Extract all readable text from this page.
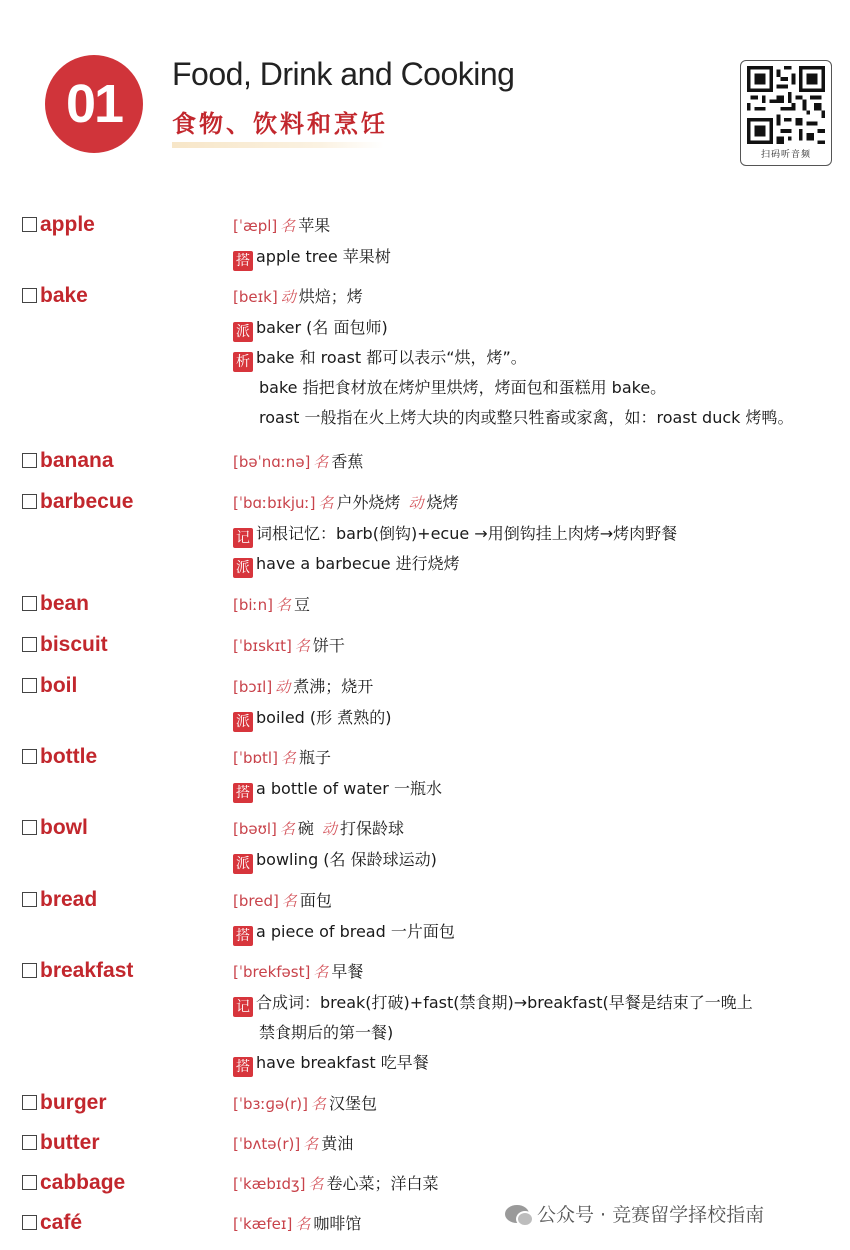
01	Food, Drink and Cooking
食物、饮料和烹饪
扫码听音频
apple	[ˈæpl] 名 苹果
搭 apple tree 苹果树
bake	[beɪk] 动 烘焙；烤
派 baker (名 面包师)
析 bake 和 roast 都可以表示“烘，烤”。
bake 指把食材放在烤炉里烘烤，烤面包和蛋糕用 bake。
roast 一般指在火上烤大块的肉或整只牲畜或家禽，如：roast duck 烤鸭。
banana	[bəˈnɑːnə] 名 香蕉
barbecue	[ˈbɑːbɪkjuː] 名 户外烧烤 动 烧烤
记 词根记忆：barb(倒钩)+ecue →用倒钩挂上肉烤→烤肉野餐
派 have a barbecue 进行烧烤
bean	[biːn] 名 豆
biscuit	[ˈbɪskɪt] 名 饼干
boil	[bɔɪl] 动 煮沸；烧开
派 boiled (形 煮熟的)
bottle	[ˈbɒtl] 名 瓶子
搭 a bottle of water 一瓶水
bowl	[bəʊl] 名 碗 动 打保龄球
派 bowling (名 保龄球运动)
bread	[bred] 名 面包
搭 a piece of bread 一片面包
breakfast	[ˈbrekfəst] 名 早餐
记 合成词：break(打破)+fast(禁食期)→breakfast(早餐是结束了一晚上
禁食期后的第一餐)
搭 have breakfast 吃早餐
burger	[ˈbɜːɡə(r)] 名 汉堡包
butter	[ˈbʌtə(r)] 名 黄油
cabbage	[ˈkæbɪdʒ] 名 卷心菜；洋白菜
café	[ˈkæfeɪ] 名 咖啡馆	公众号 · 竞赛留学择校指南
